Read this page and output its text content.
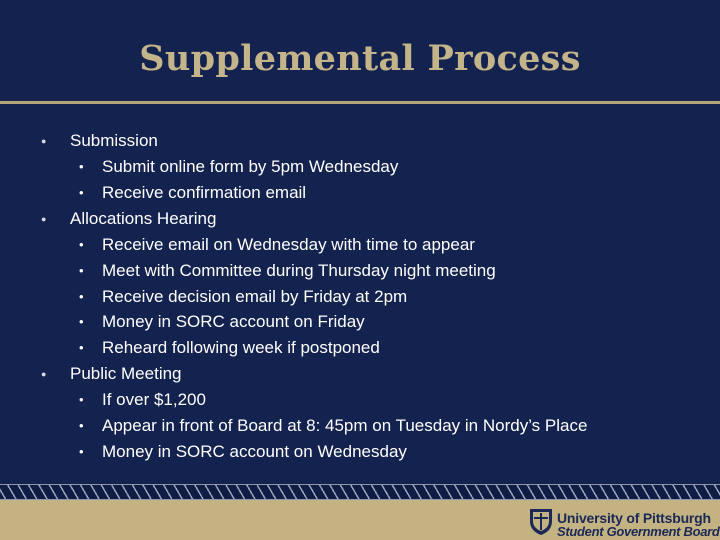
Supplemental Process
● Submission
• Submit online form by 5pm Wednesday
• Receive confirmation email
● Allocations Hearing
• Receive email on Wednesday with time to appear
• Meet with Committee during Thursday night meeting
• Receive decision email by Friday at 2pm
• Money in SORC account on Friday
• Reheard following week if postponed
● Public Meeting
• If over $1,200
• Appear in front of Board at 8: 45pm on Tuesday in Nordy’s Place
• Money in SORC account on Wednesday
University of Pittsburgh
Student Government Board
